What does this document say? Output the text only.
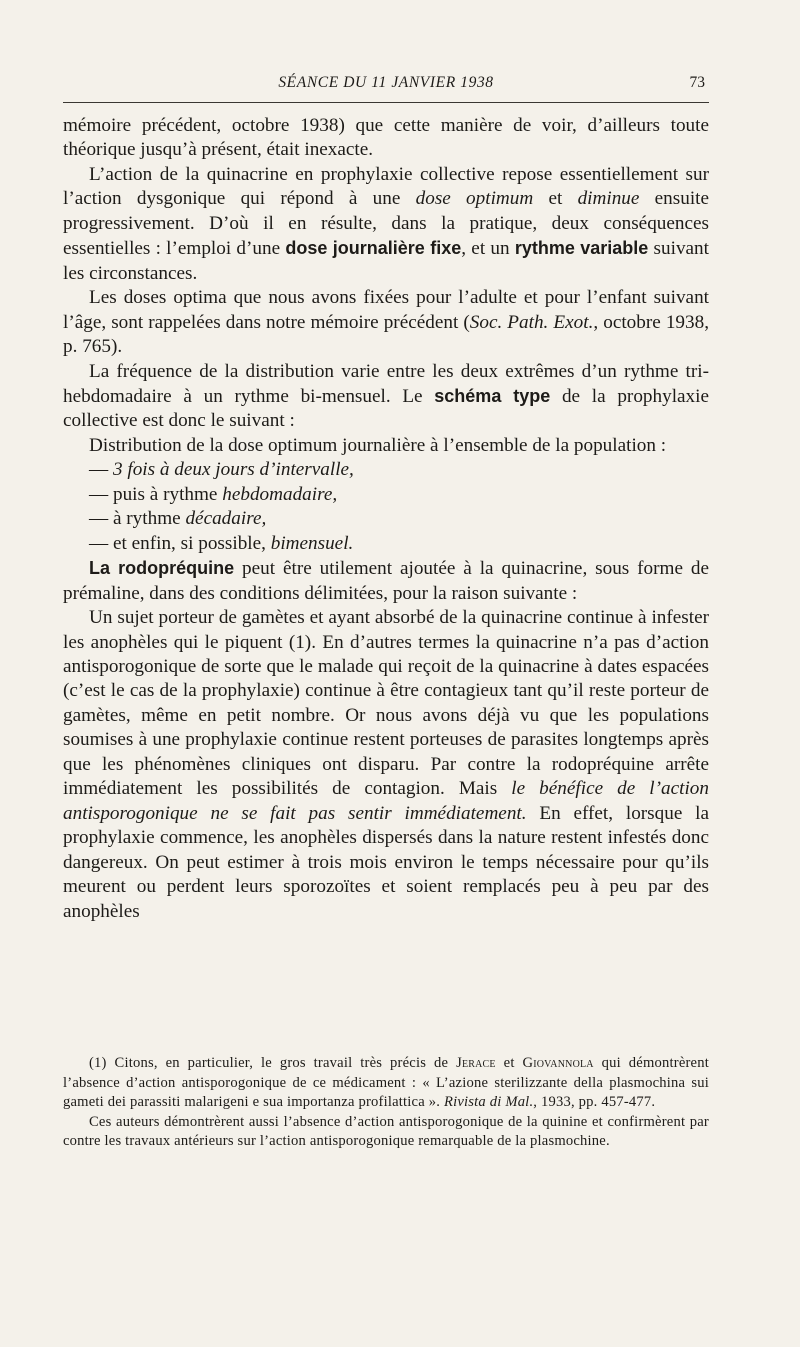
SÉANCE DU 11 JANVIER 1938	73

mémoire précédent, octobre 1938) que cette manière de voir, d’ailleurs toute théorique jusqu’à présent, était inexacte.

L’action de la quinacrine en prophylaxie collective repose essentiellement sur l’action dysgonique qui répond à une dose optimum et diminue ensuite progressivement. D’où il en résulte, dans la pratique, deux conséquences essentielles : l’emploi d’une dose journalière fixe, et un rythme variable suivant les circonstances.

Les doses optima que nous avons fixées pour l’adulte et pour l’enfant suivant l’âge, sont rappelées dans notre mémoire précédent (Soc. Path. Exot., octobre 1938, p. 765).

La fréquence de la distribution varie entre les deux extrêmes d’un rythme tri-hebdomadaire à un rythme bi-mensuel. Le schéma type de la prophylaxie collective est donc le suivant :

Distribution de la dose optimum journalière à l’ensemble de la population :

— 3 fois à deux jours d’intervalle,

— puis à rythme hebdomadaire,

— à rythme décadaire,

— et enfin, si possible, bimensuel.

La rodopréquine peut être utilement ajoutée à la quinacrine, sous forme de prémaline, dans des conditions délimitées, pour la raison suivante :

Un sujet porteur de gamètes et ayant absorbé de la quinacrine continue à infester les anophèles qui le piquent (1). En d’autres termes la quinacrine n’a pas d’action antisporogonique de sorte que le malade qui reçoit de la quinacrine à dates espacées (c’est le cas de la prophylaxie) continue à être contagieux tant qu’il reste porteur de gamètes, même en petit nombre. Or nous avons déjà vu que les populations soumises à une prophylaxie continue restent porteuses de parasites longtemps après que les phénomènes cliniques ont disparu. Par contre la rodopréquine arrête immédiatement les possibilités de contagion. Mais le bénéfice de l’action antisporogonique ne se fait pas sentir immédiatement. En effet, lorsque la prophylaxie commence, les anophèles dispersés dans la nature restent infestés donc dangereux. On peut estimer à trois mois environ le temps nécessaire pour qu’ils meurent ou perdent leurs sporozoïtes et soient remplacés peu à peu par des anophèles

(1) Citons, en particulier, le gros travail très précis de Jerace et Giovannola qui démontrèrent l’absence d’action antisporogonique de ce médicament : « L’azione sterilizzante della plasmochina sui gameti dei parassiti malarigeni e sua importanza profilattica ». Rivista di Mal., 1933, pp. 457-477.

Ces auteurs démontrèrent aussi l’absence d’action antisporogonique de la quinine et confirmèrent par contre les travaux antérieurs sur l’action antisporogonique remarquable de la plasmochine.
